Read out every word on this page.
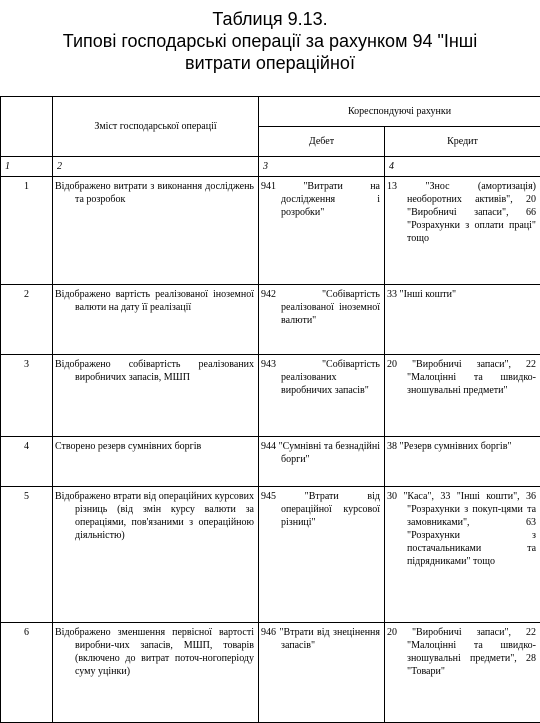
Таблиця 9.13.
Типові господарські операції за рахунком 94 "Інші витрати операційної
	Зміст господарської операції	Кореспондуючі рахунки	
		Дебет	Кредит
1	2	3	4
1	Відображено витрати з виконання досліджень та розробок	941 "Витрати на дослідження і розробки"	13 "Знос (амортизація) необоротних активів", 20 "Виробничі запаси", 66 "Розрахунки з оплати праці" тощо
2	Відображено вартість реалізованої іноземної валюти на дату її реалізації	942 "Собівартість реалізованої іноземної валюти"	33 "Інші кошти"
3	Відображено собівартість реалізованих виробничих запасів, МШП	943 "Собівартість реалізованих виробничих запасів"	20 "Виробничі запаси", 22 "Малоцінні та швидко-зношувальні предмети"
4	Створено резерв сумнівних боргів	944 "Сумнівні та безнадійні борги"	38 "Резерв сумнівних боргів"
5	Відображено втрати від операційних курсових різниць (від змін курсу валюти за операціями, пов'язаними з операційною діяльністю)	945 "Втрати від операційної курсової різниці"	30 "Каса", 33 "Інші кошти", 36 "Розрахунки з покуп-цями та замовниками", 63 "Розрахунки з постачальниками та підрядниками" тощо
6	Відображено зменшення первісної вартості виробни-чих запасів, МШП, товарів (включено до витрат поточ-ногоперіоду суму уцінки)	946 "Втрати від знецінення запасів"	20 "Виробничі запаси", 22 "Малоцінні та швидко-зношувальні предмети", 28 "Товари"
